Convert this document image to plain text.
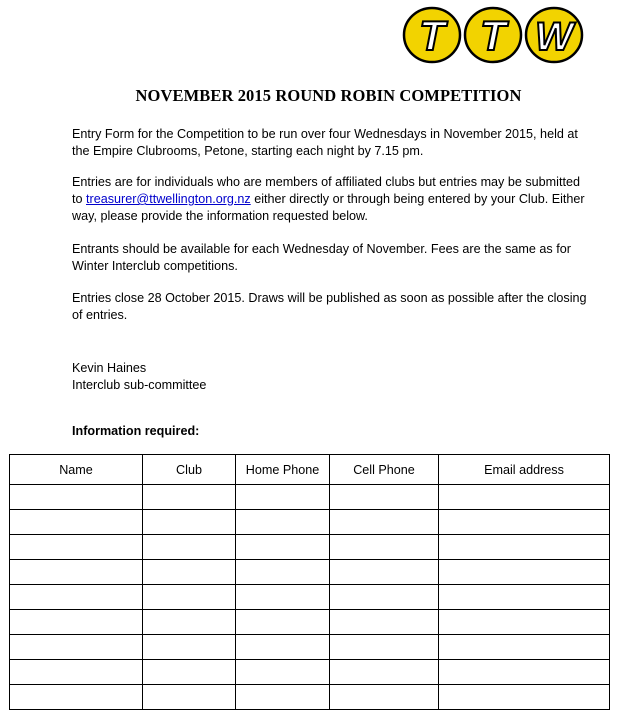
T T W
NOVEMBER 2015 ROUND ROBIN COMPETITION
Entry Form for the Competition to be run over four Wednesdays in November 2015, held at the Empire Clubrooms, Petone, starting each night by 7.15 pm.
Entries are for individuals who are members of affiliated clubs but entries may be submitted to treasurer@ttwellington.org.nz either directly or through being entered by your Club. Either way, please provide the information requested below.
Entrants should be available for each Wednesday of November. Fees are the same as for Winter Interclub competitions.
Entries close 28 October 2015. Draws will be published as soon as possible after the closing of entries.
Kevin Haines
Interclub sub-committee
Information required:
Name	Club	Home Phone	Cell Phone	Email address
